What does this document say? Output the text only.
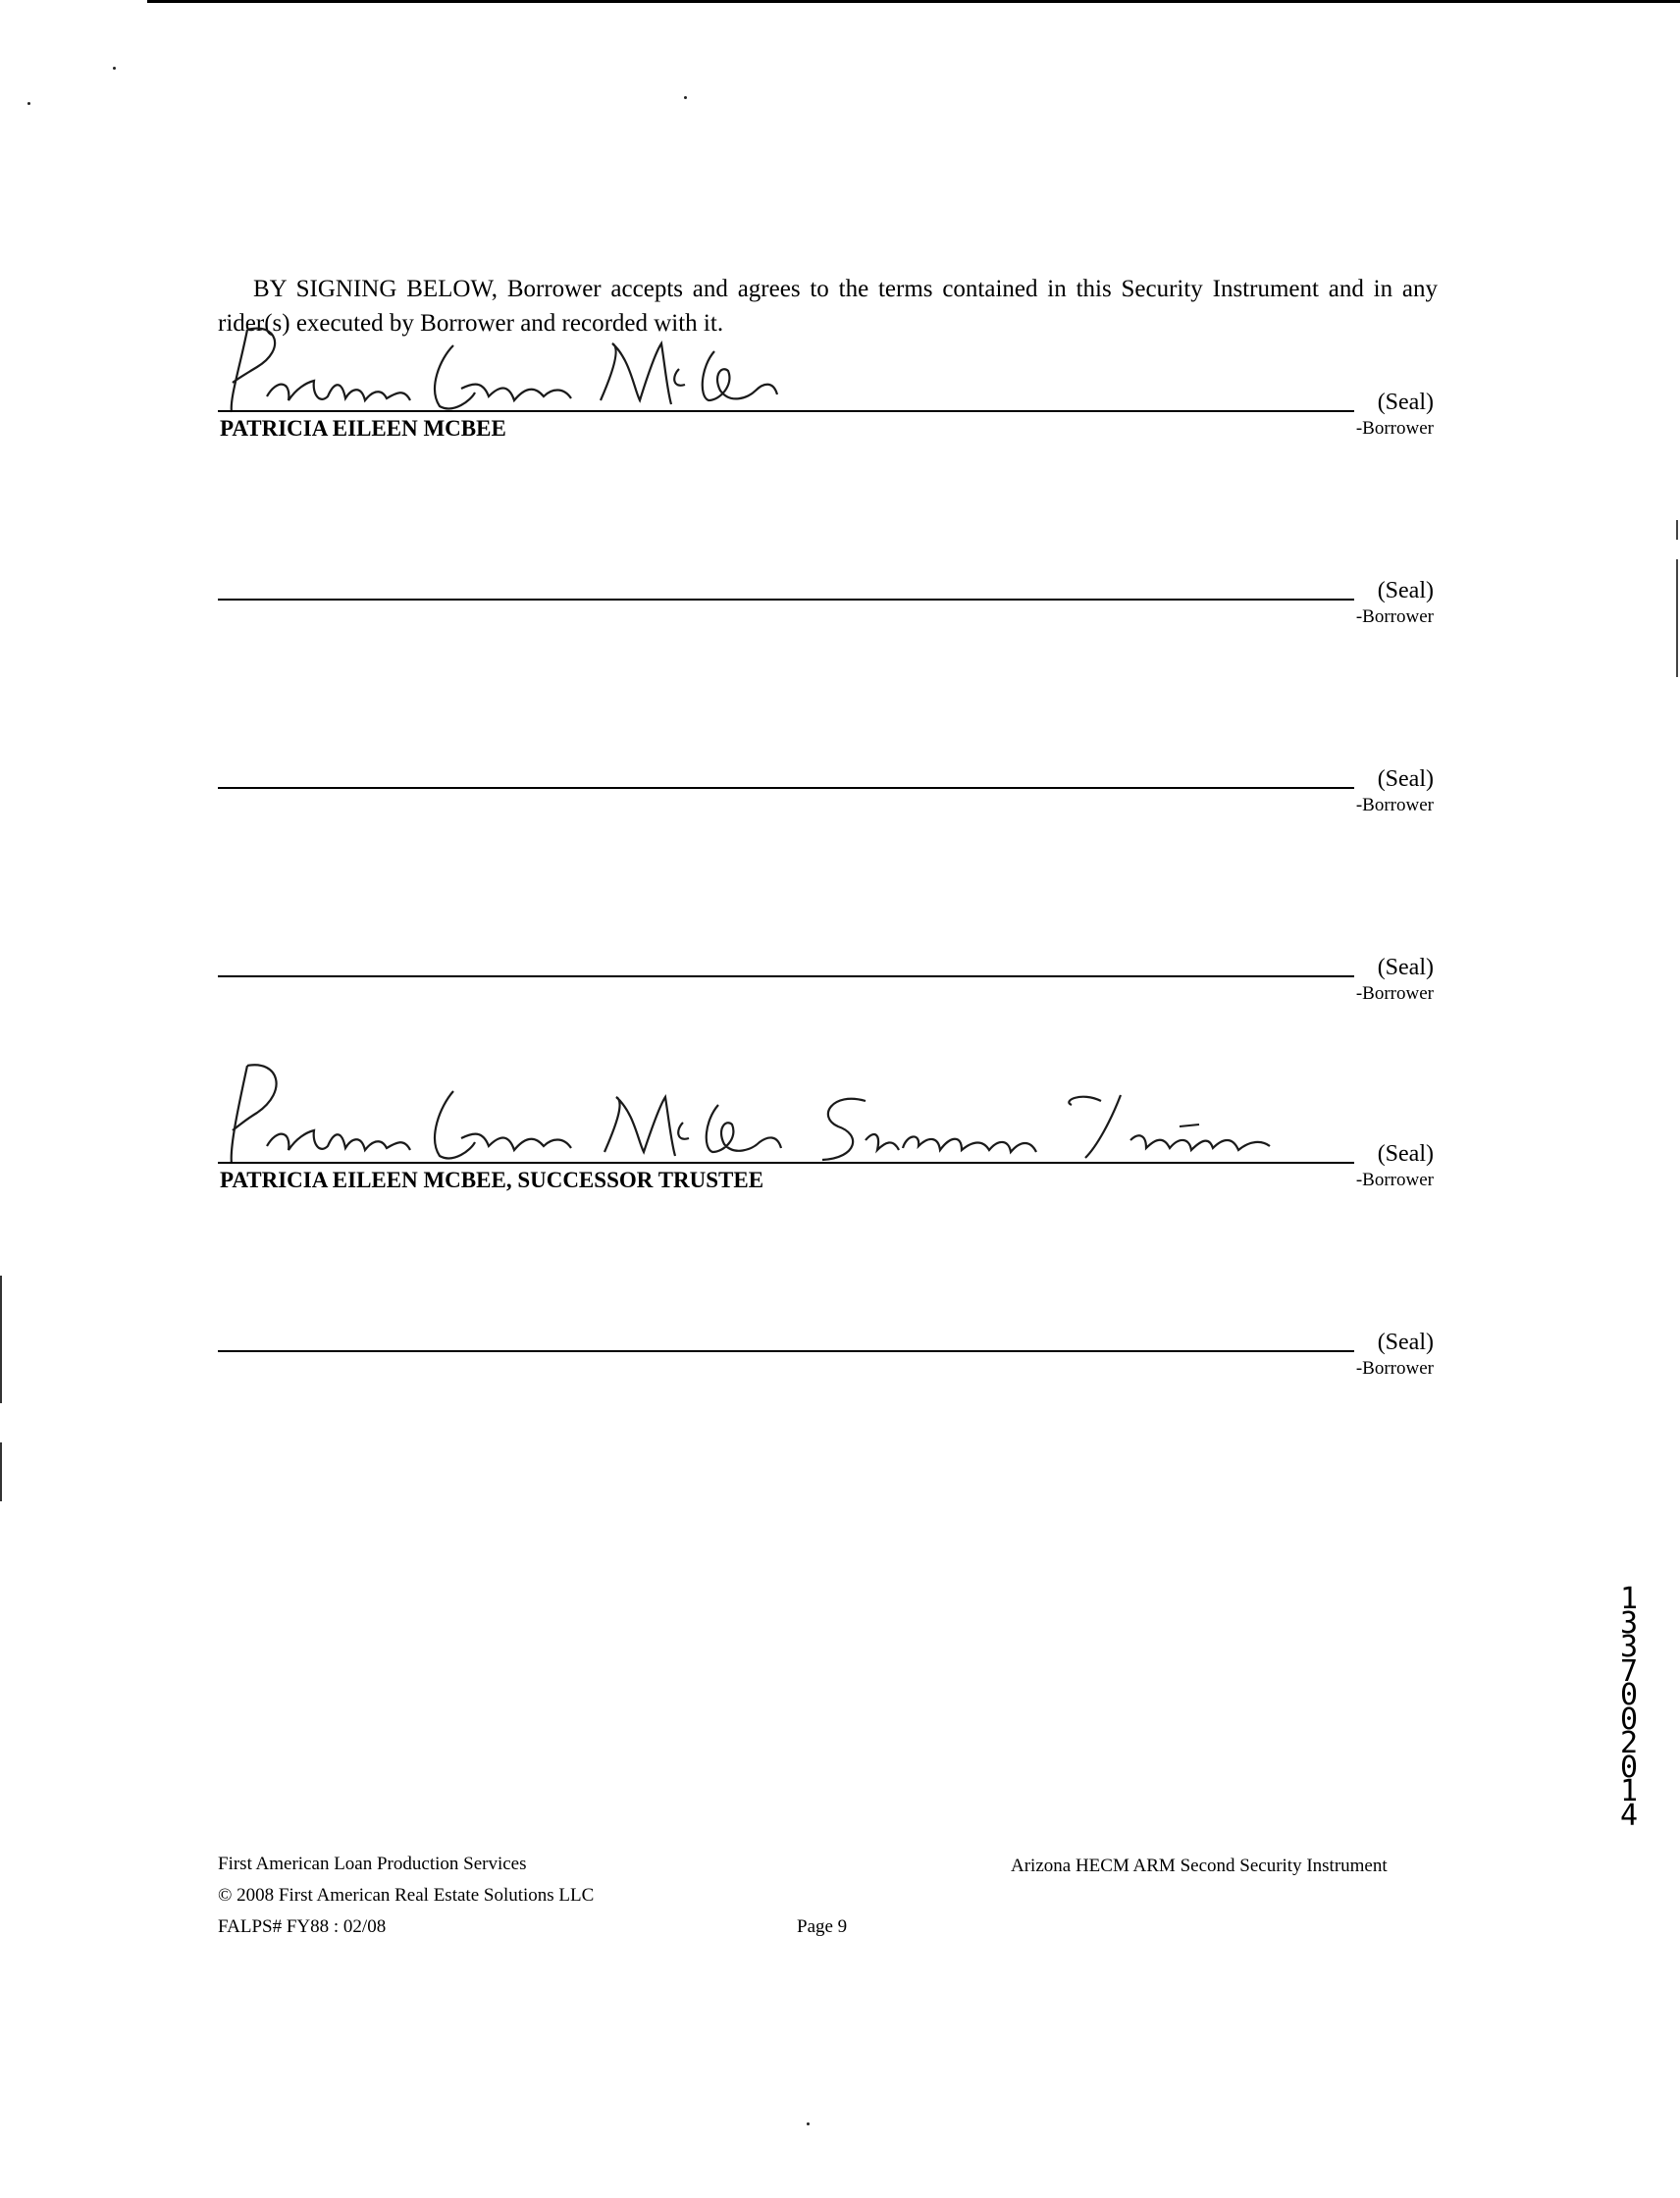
BY SIGNING BELOW, Borrower accepts and agrees to the terms contained in this Security Instrument and in any rider(s) executed by Borrower and recorded with it.

(Seal)
PATRICIA EILEEN MCBEE	-Borrower
(Seal)
-Borrower
(Seal)
-Borrower
(Seal)
-Borrower
(Seal)
PATRICIA EILEEN MCBEE, SUCCESSOR TRUSTEE	-Borrower
(Seal)
-Borrower
13370 02014
First American Loan Production Services
© 2008 First American Real Estate Solutions LLC
FALPS# FY88 : 02/08	Page 9
Arizona HECM ARM Second Security Instrument
